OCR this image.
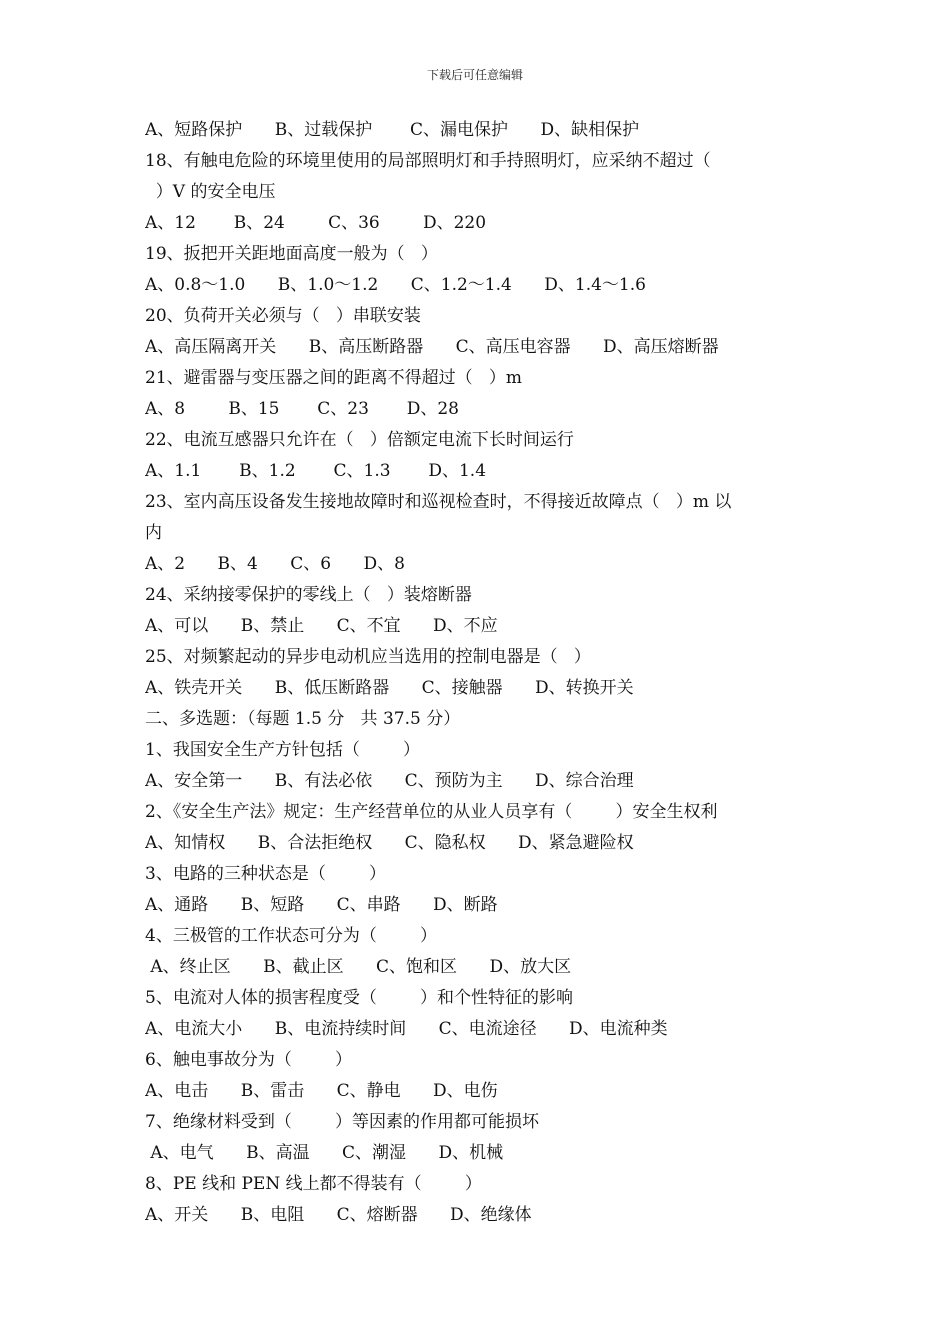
下载后可任意编辑
A、短路保护      B、过载保护       C、漏电保护      D、缺相保护
18、有触电危险的环境里使用的局部照明灯和手持照明灯，应采纳不超过（
）V 的安全电压
A、12       B、24        C、36        D、220
19、扳把开关距地面高度一般为（   ）
A、0.8～1.0      B、1.0～1.2      C、1.2～1.4      D、1.4～1.6
20、负荷开关必须与（   ）串联安装
A、高压隔离开关      B、高压断路器      C、高压电容器      D、高压熔断器
21、避雷器与变压器之间的距离不得超过（   ）m
A、8        B、15       C、23       D、28
22、电流互感器只允许在（   ）倍额定电流下长时间运行
A、1.1       B、1.2       C、1.3       D、1.4
23、室内高压设备发生接地故障时和巡视检查时，不得接近故障点（   ）m 以
内
A、2      B、4      C、6      D、8
24、采纳接零保护的零线上（   ）装熔断器
A、可以      B、禁止      C、不宜      D、不应
25、对频繁起动的异步电动机应当选用的控制电器是（   ）
A、铁壳开关      B、低压断路器      C、接触器      D、转换开关
二、多选题：（每题 1.5 分   共 37.5 分）
1、我国安全生产方针包括（        ）
A、安全第一      B、有法必依      C、预防为主      D、综合治理
2、《安全生产法》规定：生产经营单位的从业人员享有（        ）安全生权利
A、知情权      B、合法拒绝权      C、隐私权      D、紧急避险权
3、电路的三种状态是（        ）
A、通路      B、短路      C、串路      D、断路
4、三极管的工作状态可分为（        ）
A、终止区      B、截止区      C、饱和区      D、放大区
5、电流对人体的损害程度受（        ）和个性特征的影响
A、电流大小      B、电流持续时间      C、电流途径      D、电流种类
6、触电事故分为（        ）
A、电击      B、雷击      C、静电      D、电伤
7、绝缘材料受到（        ）等因素的作用都可能损坏
A、电气      B、高温      C、潮湿      D、机械
8、PE 线和 PEN 线上都不得装有（        ）
A、开关      B、电阻      C、熔断器      D、绝缘体
